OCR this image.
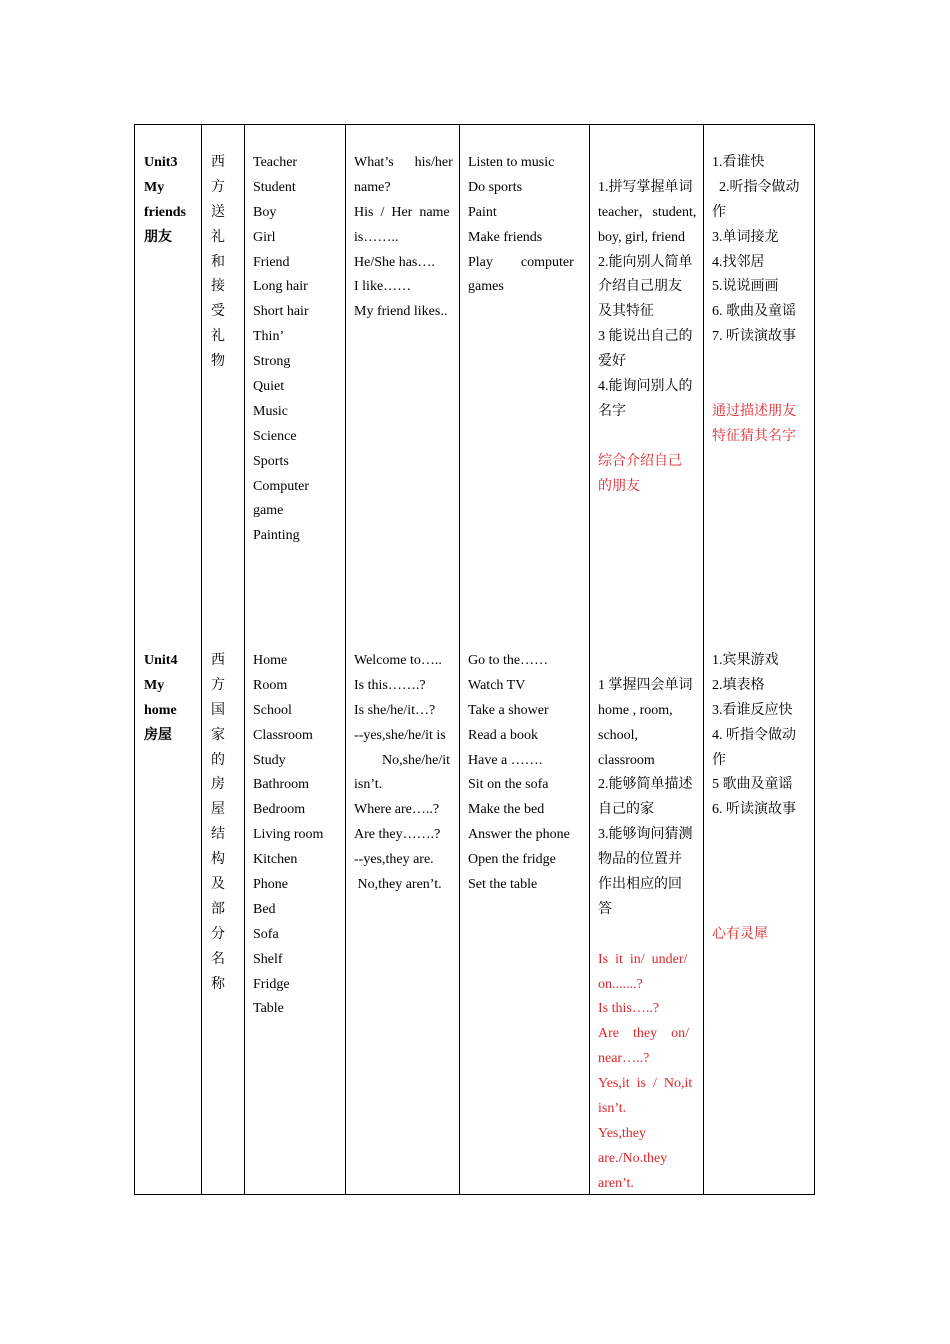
Unit3
My
friends
朋友
西
方
送
礼
和
接
受
礼
物
Teacher
Student
Boy
Girl
Friend
Long hair
Short hair
Thin’
Strong
Quiet
Music
Science
Sports
Computer
game
Painting
What’s      his/her
name?
His  /  Her  name
is……..
He/She has….
I like……
My friend likes..
Listen to music
Do sports
Paint
Make friends
Play        computer
games
1.拼写掌握单词
teacher，student,
boy, girl, friend
2.能向别人简单
介绍自己朋友
及其特征
3 能说出自己的
爱好
4.能询问别人的
名字
综合介绍自己
的朋友
1.看谁快
2.听指令做动
作
3.单词接龙
4.找邻居
5.说说画画
6. 歌曲及童谣
7. 听读演故事
通过描述朋友
特征猜其名字
Unit4
My
home
房屋
西
方
国
家
的
房
屋
结
构
及
部
分
名
称
Home
Room
School
Classroom
Study
Bathroom
Bedroom
Living room
Kitchen
Phone
Bed
Sofa
Shelf
Fridge
Table
Welcome to…..
Is this…….?
Is she/he/it…?
--yes,she/he/it is
No,she/he/it
isn’t.
Where are…..?
Are they…….?
--yes,they are.
No,they aren’t.
Go to the……
Watch TV
Take a shower
Read a book
Have a …….
Sit on the sofa
Make the bed
Answer the phone
Open the fridge
Set the table
1 掌握四会单词
home , room,
school,
classroom
2.能够简单描述
自己的家
3.能够询问猜测
物品的位置并
作出相应的回
答
Is  it  in/  under/
on.......?
Is this…..?
Are    they    on/
near…..?
Yes,it  is  /  No,it
isn’t.
Yes,they
are./No.they
aren’t.
1.宾果游戏
2.填表格
3.看谁反应快
4. 听指令做动
作
5 歌曲及童谣
6. 听读演故事
心有灵犀
